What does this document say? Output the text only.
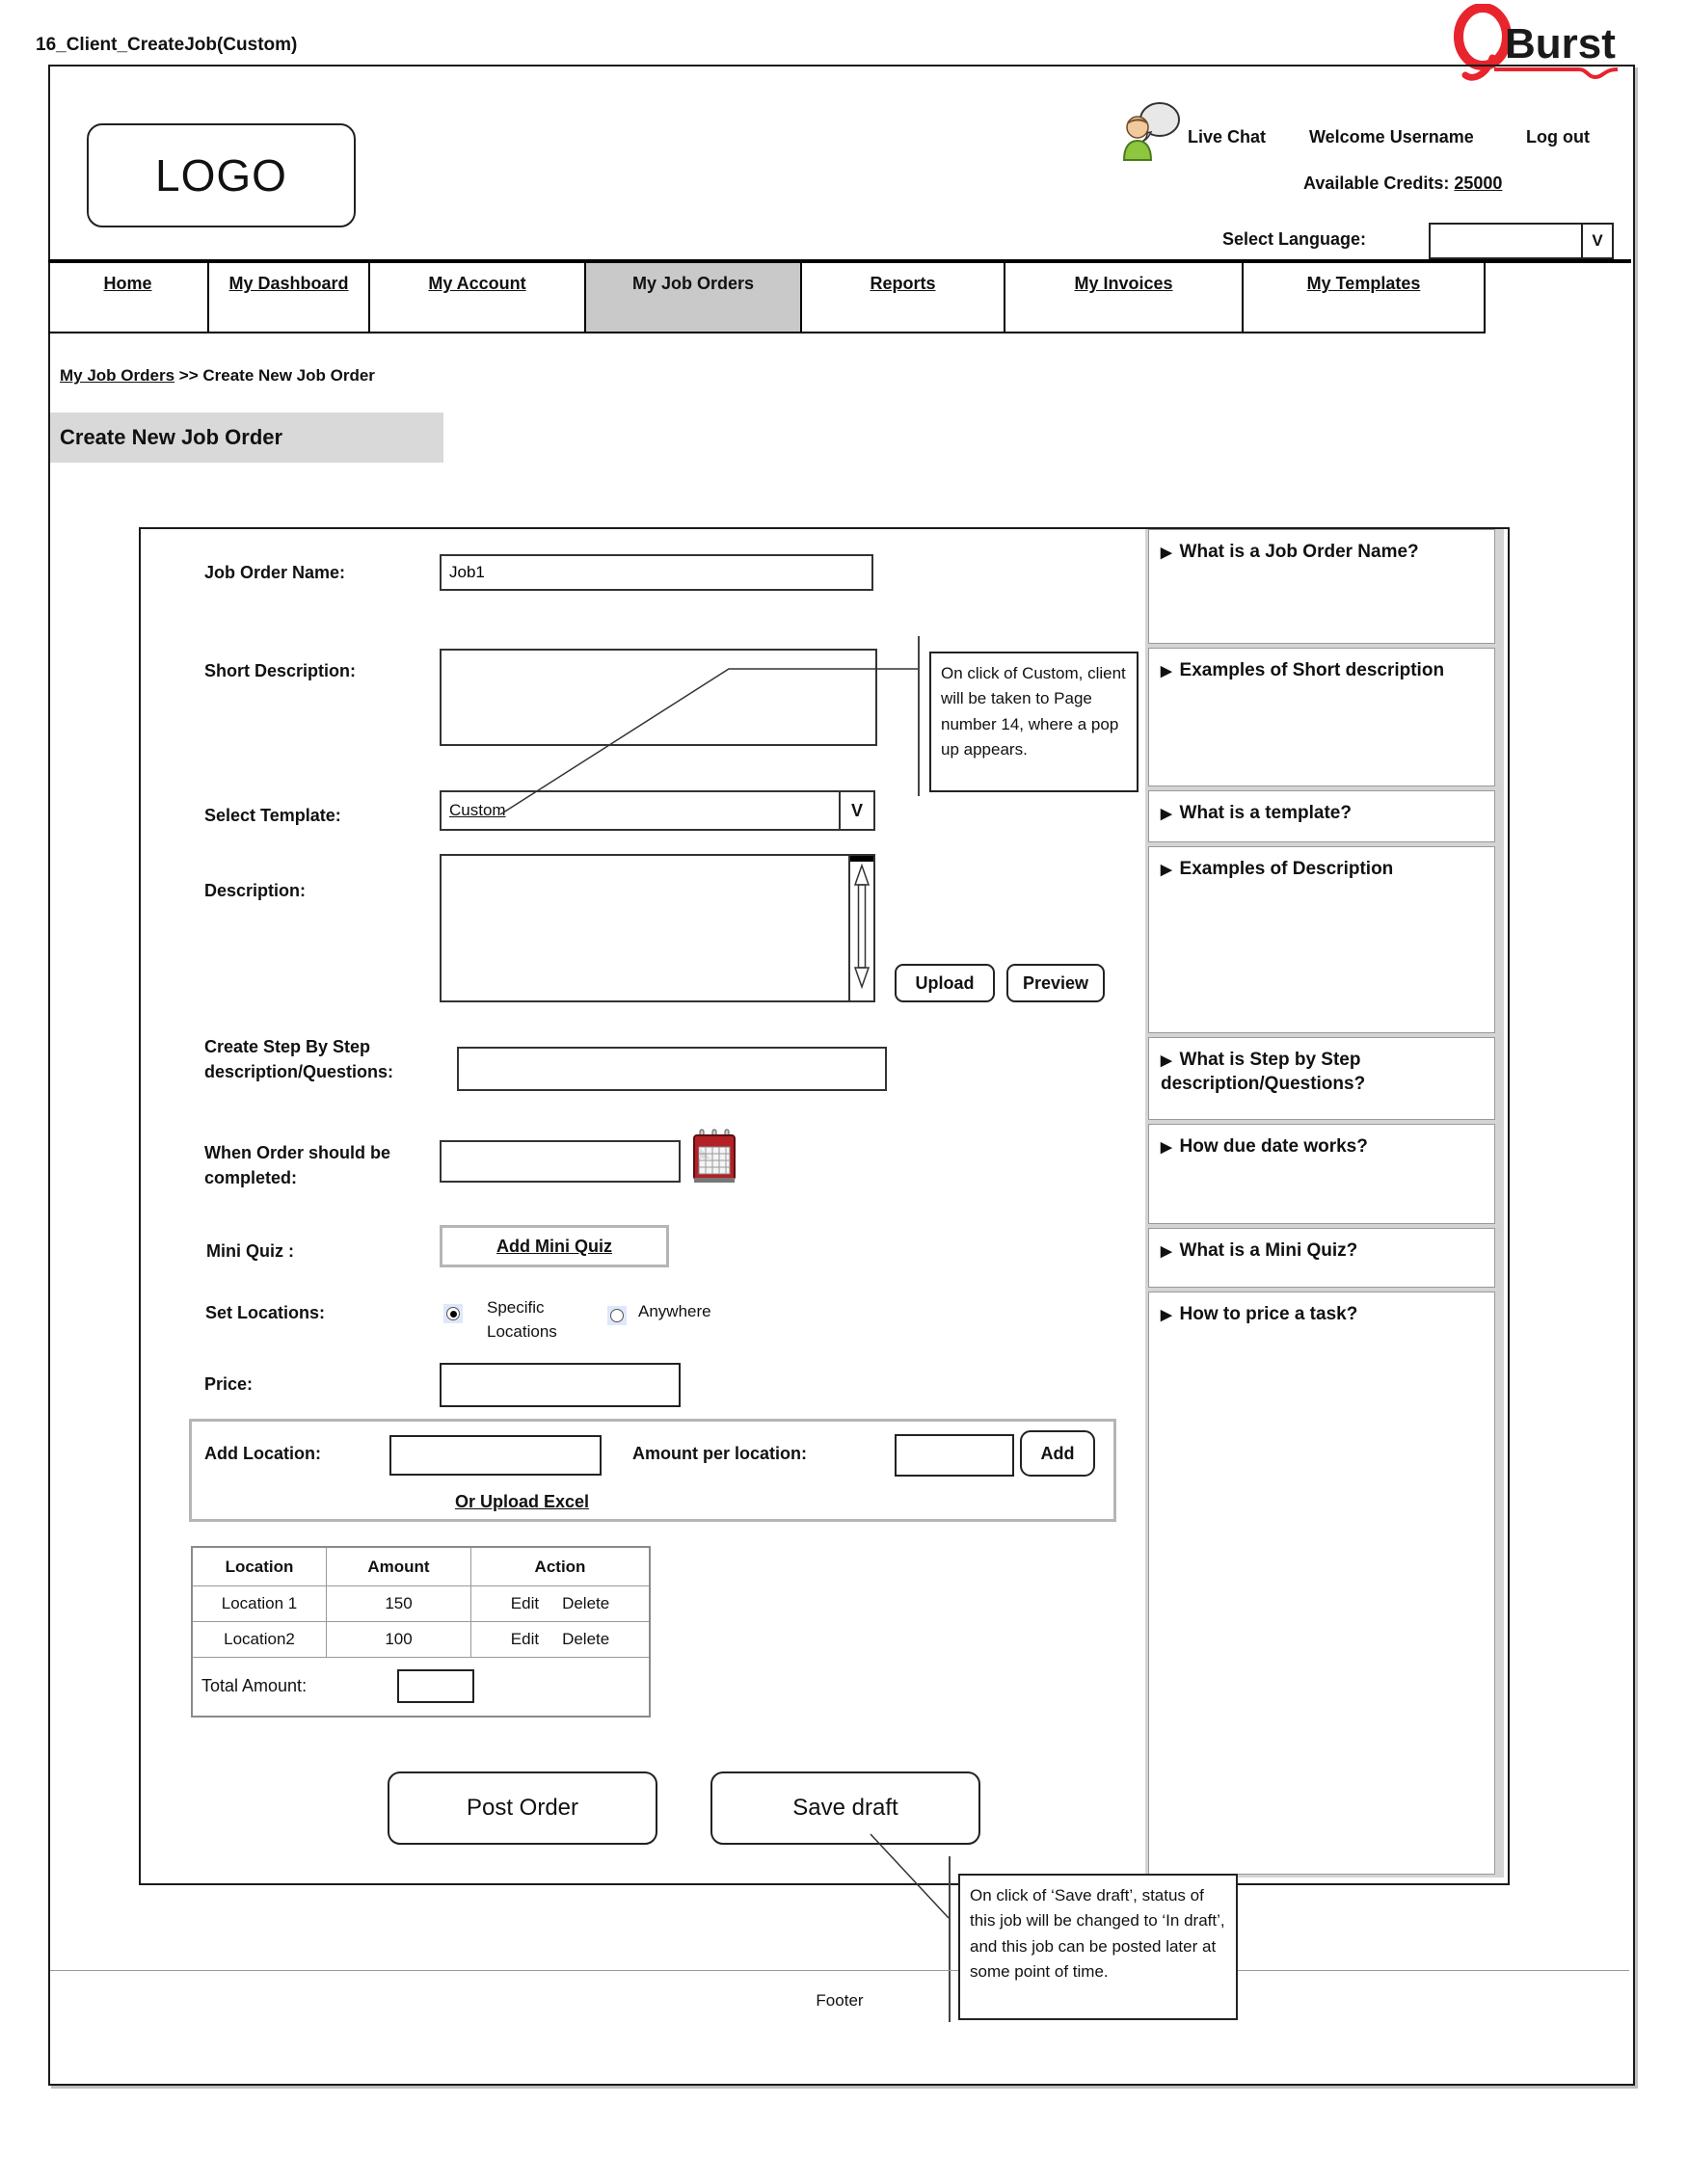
16_Client_CreateJob(Custom)	Burst
LOGO
Live Chat Welcome Username	Log out
Available Credits: 25000
Select Language:	V
Home	My Dashboard	My Account	My Job Orders	Reports	My Invoices	My Templates
My Job Orders >> Create New Job Order
Create New Job Order
▶ What is a Job Order Name?
▶ Examples of Short description
▶ What is a template?
▶ Examples of Description
▶ What is Step by Step description/Questions?
▶ How due date works?
▶ What is a Mini Quiz?
▶ How to price a task?
Job Order Name:
Job1
Short Description:
Select Template:	Custom	V
Description:
Upload	Preview
Create Step By Step
description/Questions:
When Order should be
completed:
Mini Quiz :	Add Mini Quiz
Set Locations:	Specific
Locations
Anywhere
Price:
Add Location:	Amount per location:	Add
Or Upload Excel
Location	Amount	Action
Location 1	150	Edit Delete
Location2	100	Edit Delete
Total Amount:
Post Order	Save draft
On click of Custom, client will be taken to Page number 14, where a pop up appears.
On click of ‘Save draft’, status of this job will be changed to ‘In draft’, and this job can be posted later at some point of time.
Footer
